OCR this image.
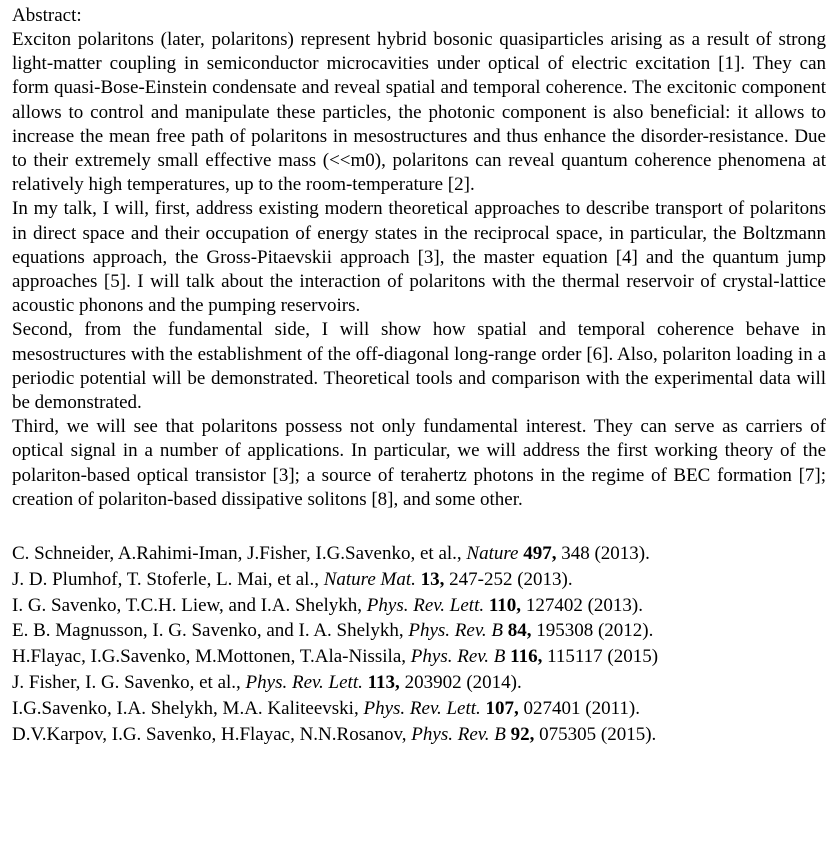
Abstract:

Exciton polaritons (later, polaritons) represent hybrid bosonic quasiparticles arising as a result of strong light-matter coupling in semiconductor microcavities under optical of electric excitation [1]. They can form quasi-Bose-Einstein condensate and reveal spatial and temporal coherence. The excitonic component allows to control and manipulate these particles, the photonic component is also beneficial: it allows to increase the mean free path of polaritons in mesostructures and thus enhance the disorder-resistance. Due to their extremely small effective mass (<<m0), polaritons can reveal quantum coherence phenomena at relatively high temperatures, up to the room-temperature [2].

In my talk, I will, first, address existing modern theoretical approaches to describe transport of polaritons in direct space and their occupation of energy states in the reciprocal space, in particular, the Boltzmann equations approach, the Gross-Pitaevskii approach [3], the master equation [4] and the quantum jump approaches [5]. I will talk about the interaction of polaritons with the thermal reservoir of crystal-lattice acoustic phonons and the pumping reservoirs.

Second, from the fundamental side, I will show how spatial and temporal coherence behave in mesostructures with the establishment of the off-diagonal long-range order [6]. Also, polariton loading in a periodic potential will be demonstrated. Theoretical tools and comparison with the experimental data will be demonstrated.

Third, we will see that polaritons possess not only fundamental interest. They can serve as carriers of optical signal in a number of applications. In particular, we will address the first working theory of the polariton-based optical transistor [3]; a source of terahertz photons in the regime of BEC formation [7]; creation of polariton-based dissipative solitons [8], and some other.

C. Schneider, A.Rahimi-Iman, J.Fisher, I.G.Savenko, et al., Nature 497, 348 (2013).

J. D. Plumhof, T. Stoferle, L. Mai, et al., Nature Mat. 13, 247-252 (2013).

I. G. Savenko, T.C.H. Liew, and I.A. Shelykh, Phys. Rev. Lett. 110, 127402 (2013).

E. B. Magnusson, I. G. Savenko, and I. A. Shelykh, Phys. Rev. B 84, 195308 (2012).

H.Flayac, I.G.Savenko, M.Mottonen, T.Ala-Nissila, Phys. Rev. B 116, 115117 (2015)

J. Fisher, I. G. Savenko, et al., Phys. Rev. Lett. 113, 203902 (2014).

I.G.Savenko, I.A. Shelykh, M.A. Kaliteevski, Phys. Rev. Lett. 107, 027401 (2011).

D.V.Karpov, I.G. Savenko, H.Flayac, N.N.Rosanov, Phys. Rev. B 92, 075305 (2015).
